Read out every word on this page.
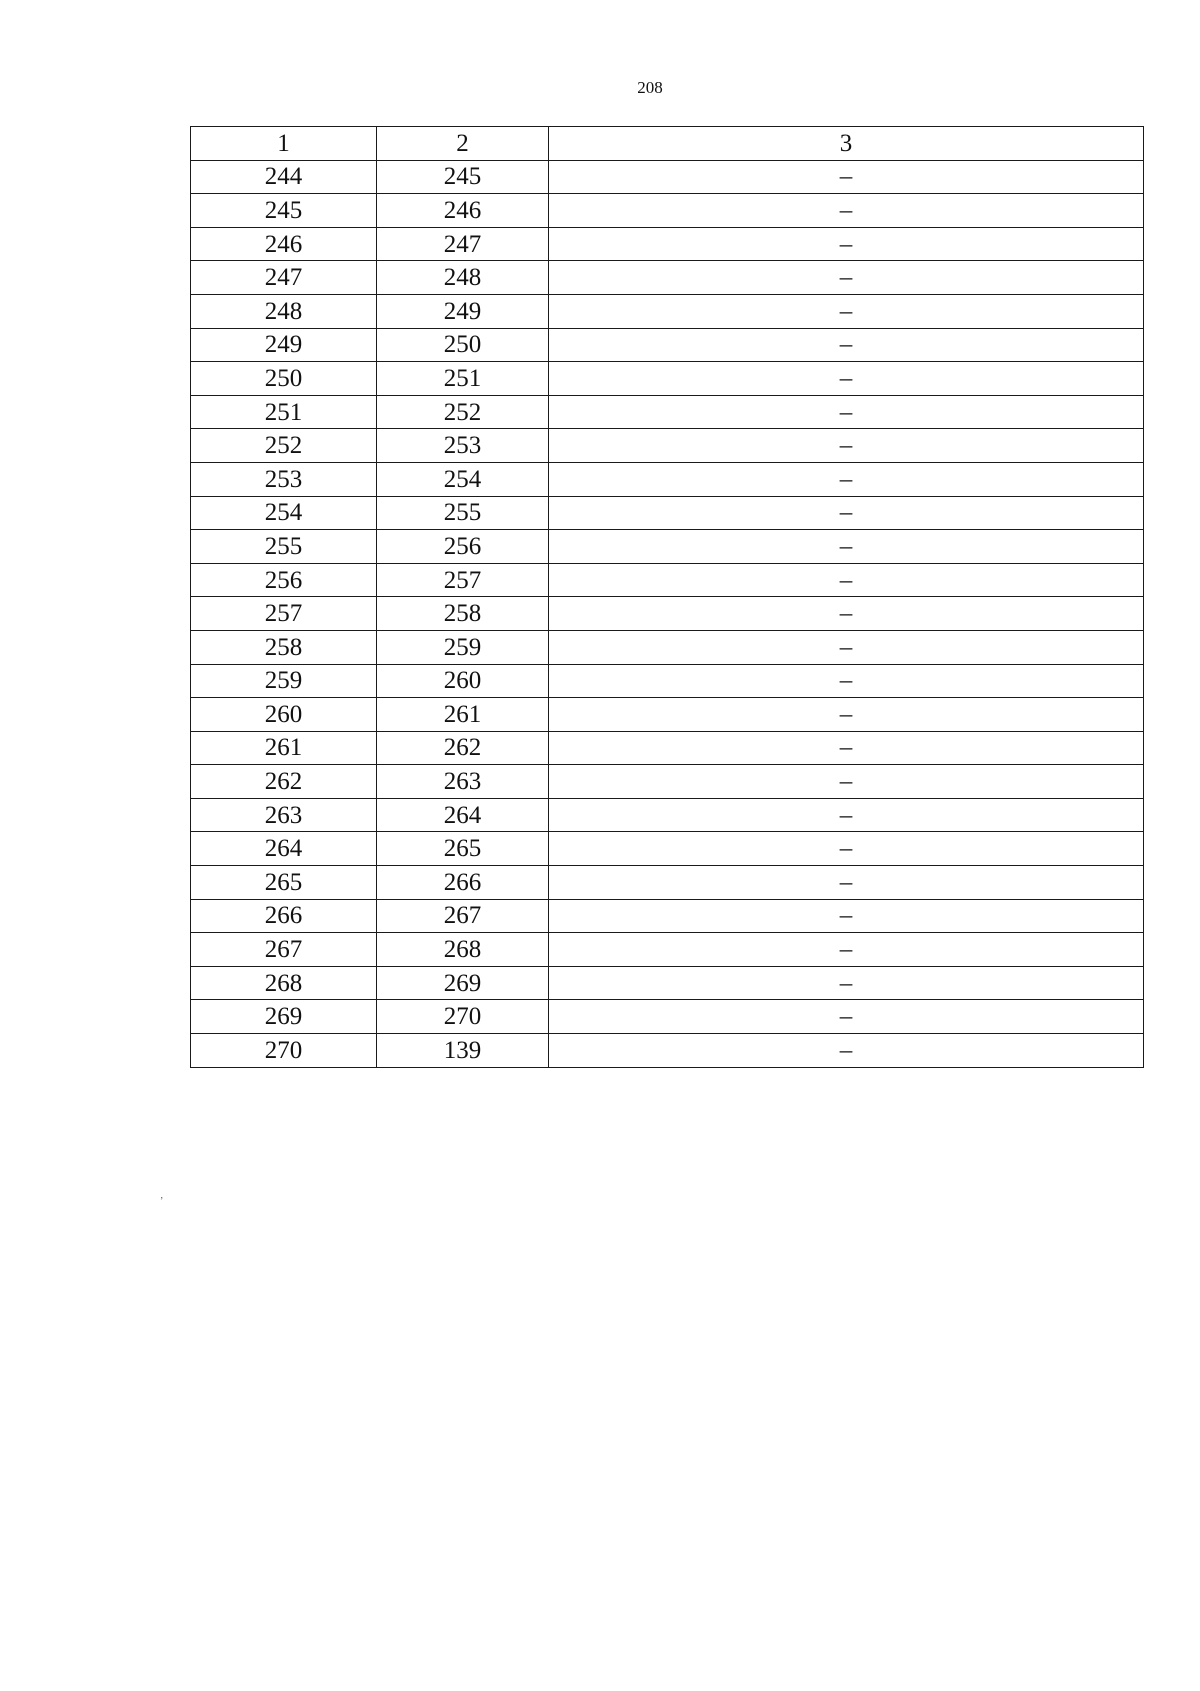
208
1	2	3
244	245	–
245	246	–
246	247	–
247	248	–
248	249	–
249	250	–
250	251	–
251	252	–
252	253	–
253	254	–
254	255	–
255	256	–
256	257	–
257	258	–
258	259	–
259	260	–
260	261	–
261	262	–
262	263	–
263	264	–
264	265	–
265	266	–
266	267	–
267	268	–
268	269	–
269	270	–
270	139	–
ʼ
